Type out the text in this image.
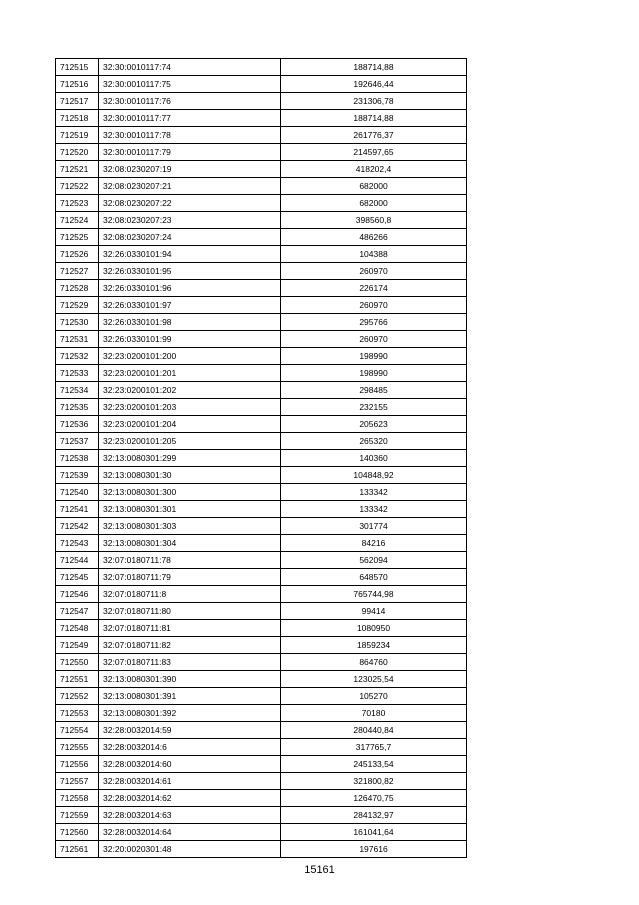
712515	32:30:0010117:74	188714,88
712516	32:30:0010117:75	192646,44
712517	32:30:0010117:76	231306,78
712518	32:30:0010117:77	188714,88
712519	32:30:0010117:78	261776,37
712520	32:30:0010117:79	214597,65
712521	32:08:0230207:19	418202,4
712522	32:08:0230207:21	682000
712523	32:08:0230207:22	682000
712524	32:08:0230207:23	398560,8
712525	32:08:0230207:24	486266
712526	32:26:0330101:94	104388
712527	32:26:0330101:95	260970
712528	32:26:0330101:96	226174
712529	32:26:0330101:97	260970
712530	32:26:0330101:98	295766
712531	32:26:0330101:99	260970
712532	32:23:0200101:200	198990
712533	32:23:0200101:201	198990
712534	32:23:0200101:202	298485
712535	32:23:0200101:203	232155
712536	32:23:0200101:204	205623
712537	32:23:0200101:205	265320
712538	32:13:0080301:299	140360
712539	32:13:0080301:30	104848,92
712540	32:13:0080301:300	133342
712541	32:13:0080301:301	133342
712542	32:13:0080301:303	301774
712543	32:13:0080301:304	84216
712544	32:07:0180711:78	562094
712545	32:07:0180711:79	648570
712546	32:07:0180711:8	765744,98
712547	32:07:0180711:80	99414
712548	32:07:0180711:81	1080950
712549	32:07:0180711:82	1859234
712550	32:07:0180711:83	864760
712551	32:13:0080301:390	123025,54
712552	32:13:0080301:391	105270
712553	32:13:0080301:392	70180
712554	32:28:0032014:59	280440,84
712555	32:28:0032014:6	317765,7
712556	32:28:0032014:60	245133,54
712557	32:28:0032014:61	321800,82
712558	32:28:0032014:62	126470,75
712559	32:28:0032014:63	284132,97
712560	32:28:0032014:64	161041,64
712561	32:20:0020301:48	197616
15161
